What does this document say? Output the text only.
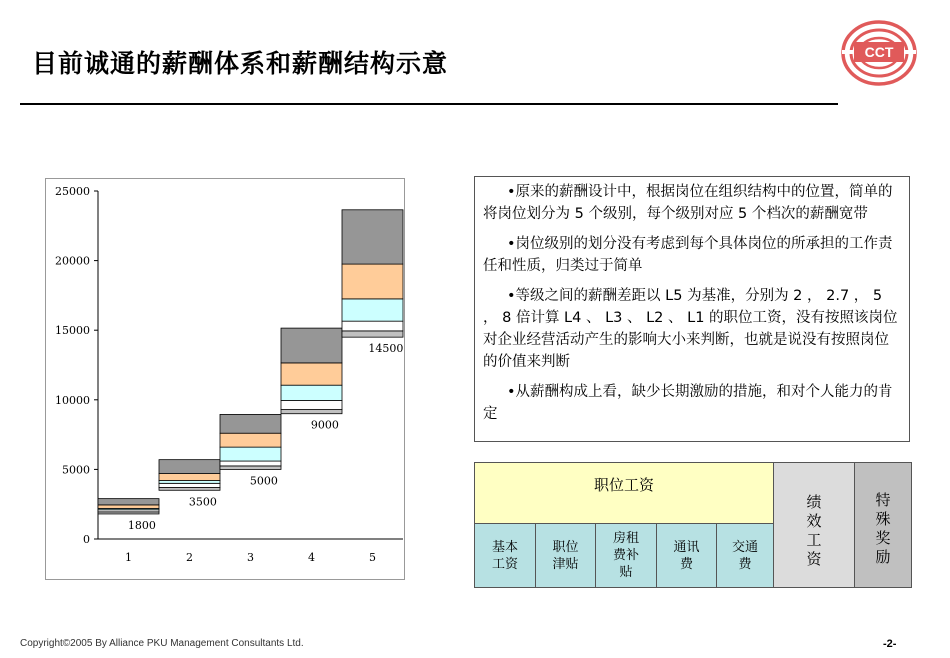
目前诚通的薪酬体系和薪酬结构示意	CCT
0
5000
10000
15000
20000
25000
1800
1
3500
2
5000
3
9000
4
14500
5

•原来的薪酬设计中，根据岗位在组织结构中的位置，简单的将岗位划分为 5 个级别，每个级别对应 5 个档次的薪酬宽带

•岗位级别的划分没有考虑到每个具体岗位的所承担的工作责任和性质，归类过于简单

•等级之间的薪酬差距以 L5 为基准，分别为 2 ， 2.7 ， 5 ， 8 倍计算 L4 、 L3 、 L2 、 L1 的职位工资，没有按照该岗位对企业经营活动产生的影响大小来判断，也就是说没有按照岗位的价值来判断

•从薪酬构成上看，缺少长期激励的措施，和对个人能力的肯定

职位工资
基本
工资
职位
津贴
房租
费补
贴
通讯
费
交通
费
绩
效
工
资
特
殊
奖
励
Copyright©2005 By Alliance PKU Management Consultants Ltd.	-2-
